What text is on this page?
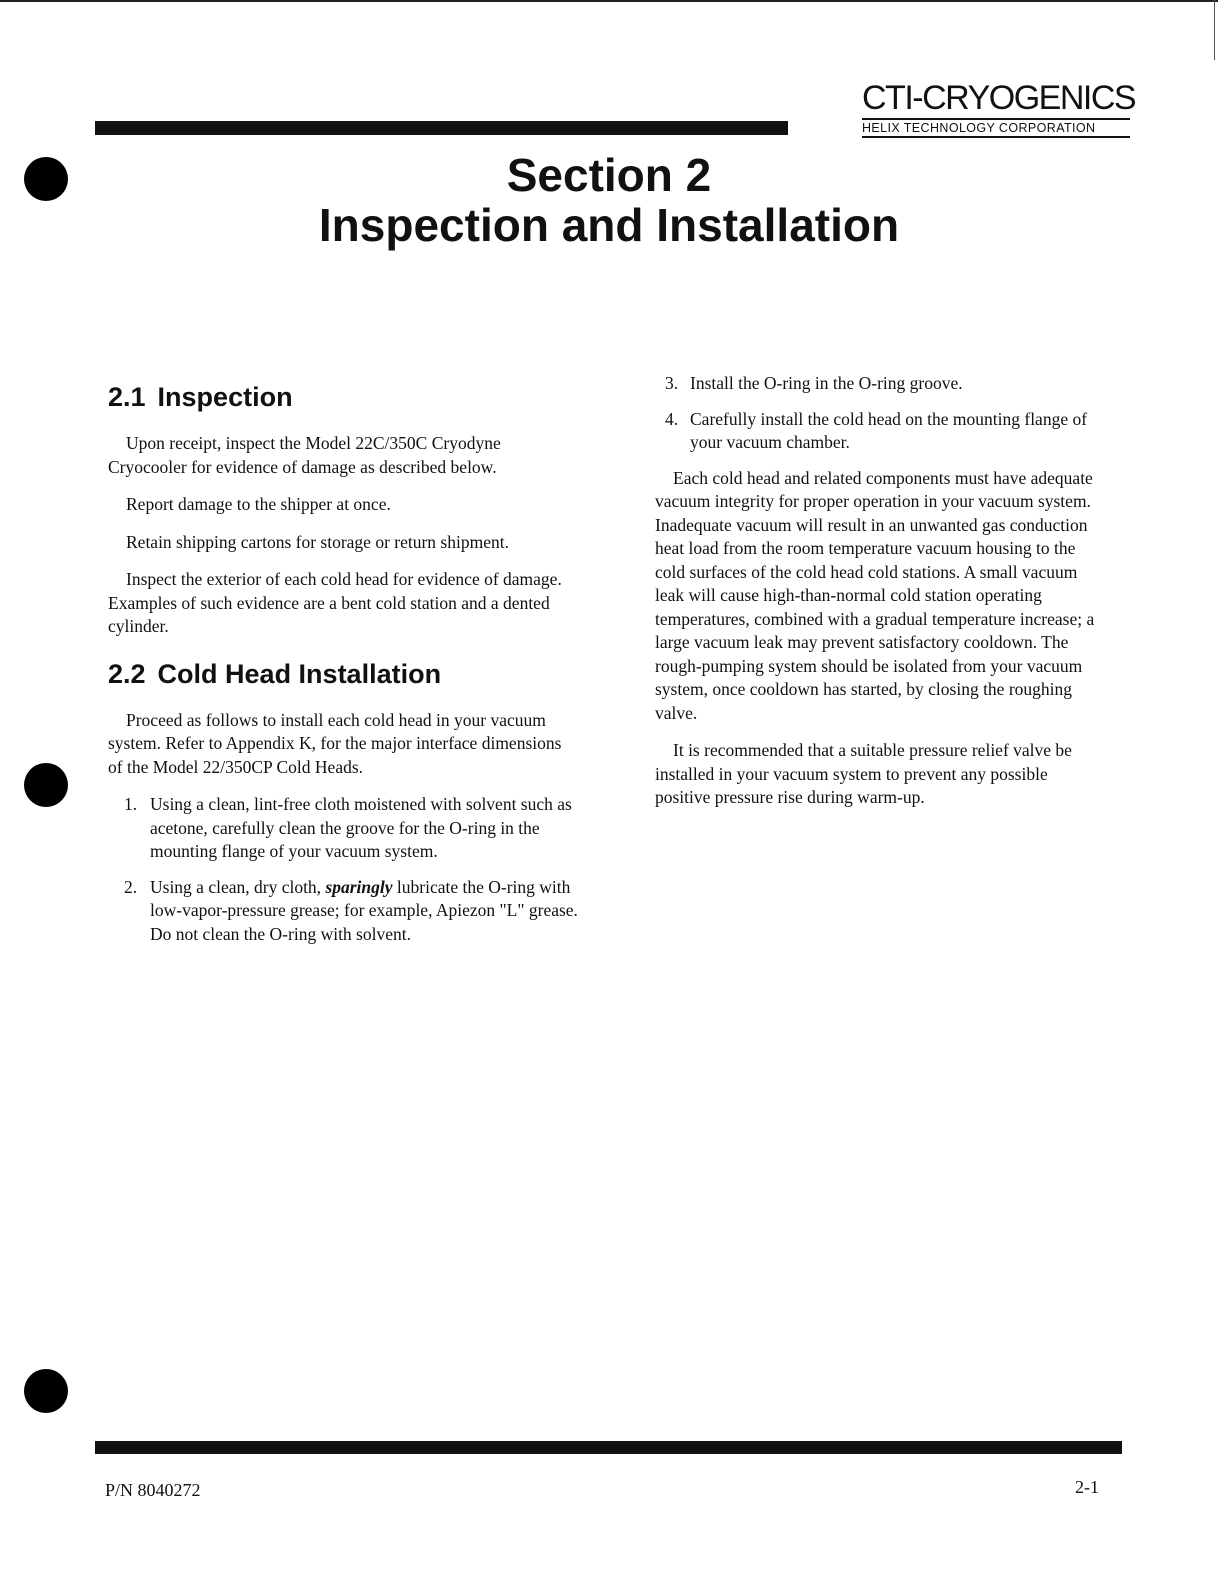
CTI-CRYOGENICS
HELIX TECHNOLOGY CORPORATION
Section 2
Inspection and Installation
2.1 Inspection

Upon receipt, inspect the Model 22C/350C Cryodyne Cryocooler for evidence of damage as described below.

Report damage to the shipper at once.

Retain shipping cartons for storage or return shipment.

Inspect the exterior of each cold head for evidence of damage. Examples of such evidence are a bent cold station and a dented cylinder.

2.2 Cold Head Installation

Proceed as follows to install each cold head in your vacuum system. Refer to Appendix K, for the major interface dimensions of the Model 22/350CP Cold Heads.

1. Using a clean, lint-free cloth moistened with solvent such as acetone, carefully clean the groove for the O-ring in the mounting flange of your vacuum system.
2. Using a clean, dry cloth, sparingly lubricate the O-ring with low-vapor-pressure grease; for example, Apiezon "L" grease. Do not clean the O-ring with solvent.
3. Install the O-ring in the O-ring groove.
4. Carefully install the cold head on the mounting flange of your vacuum chamber.

Each cold head and related components must have adequate vacuum integrity for proper operation in your vacuum system. Inadequate vacuum will result in an unwanted gas conduction heat load from the room temperature vacuum housing to the cold surfaces of the cold head cold stations. A small vacuum leak will cause high-than-normal cold station operating temperatures, combined with a gradual temperature increase; a large vacuum leak may prevent satisfactory cooldown. The rough-pumping system should be isolated from your vacuum system, once cooldown has started, by closing the roughing valve.

It is recommended that a suitable pressure relief valve be installed in your vacuum system to prevent any possible positive pressure rise during warm-up.

P/N 8040272	2-1
